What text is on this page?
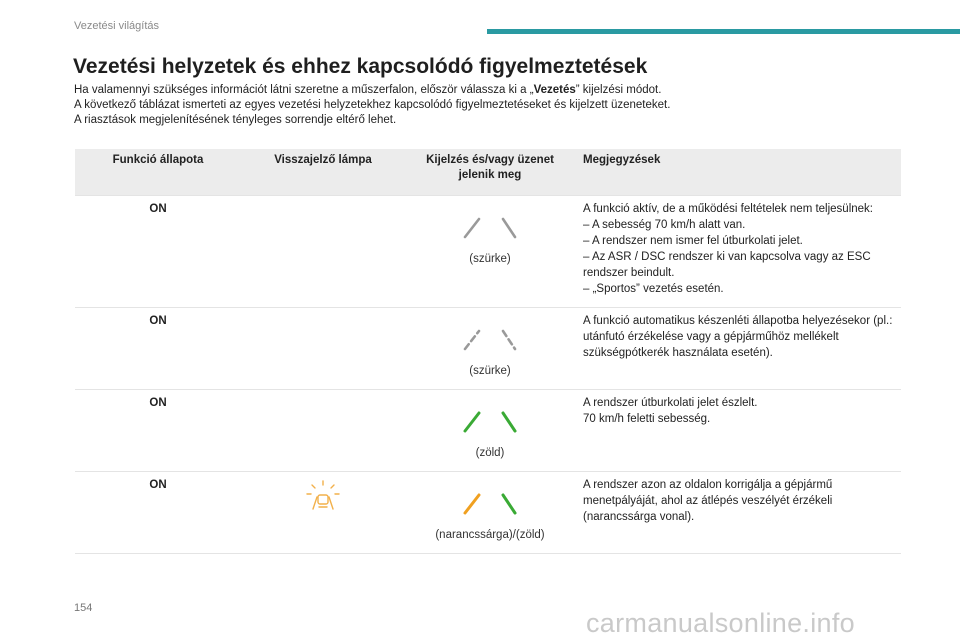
Vezetési világítás
Vezetési helyzetek és ehhez kapcsolódó figyelmeztetések
Ha valamennyi szükséges információt látni szeretne a műszerfalon, először válassza ki a „Vezetés” kijelzési módot.
A következő táblázat ismerteti az egyes vezetési helyzetekhez kapcsolódó figyelmeztetéseket és kijelzett üzeneteket.
A riasztások megjelenítésének tényleges sorrendje eltérő lehet.
Funkció állapota	Visszajelző lámpa	Kijelzés és/vagy üzenet jelenik meg	Megjegyzések
ON		(szürke)	A funkció aktív, de a működési feltételek nem teljesülnek:
– A sebesség 70 km/h alatt van.
– A rendszer nem ismer fel útburkolati jelet.
– Az ASR / DSC rendszer ki van kapcsolva vagy az ESC rendszer beindult.
– „Sportos” vezetés esetén.

ON		(szürke)	A funkció automatikus készenléti állapotba helyezésekor (pl.: utánfutó érzékelése vagy a gépjárműhöz mellékelt szükségpótkerék használata esetén).

ON		(zöld)	A rendszer útburkolati jelet észlelt.
70 km/h feletti sebesség.

ON		(narancssárga)/(zöld)	A rendszer azon az oldalon korrigálja a gépjármű menetpályáját, ahol az átlépés veszélyét érzékeli (narancssárga vonal).
154	carmanualsonline.info
